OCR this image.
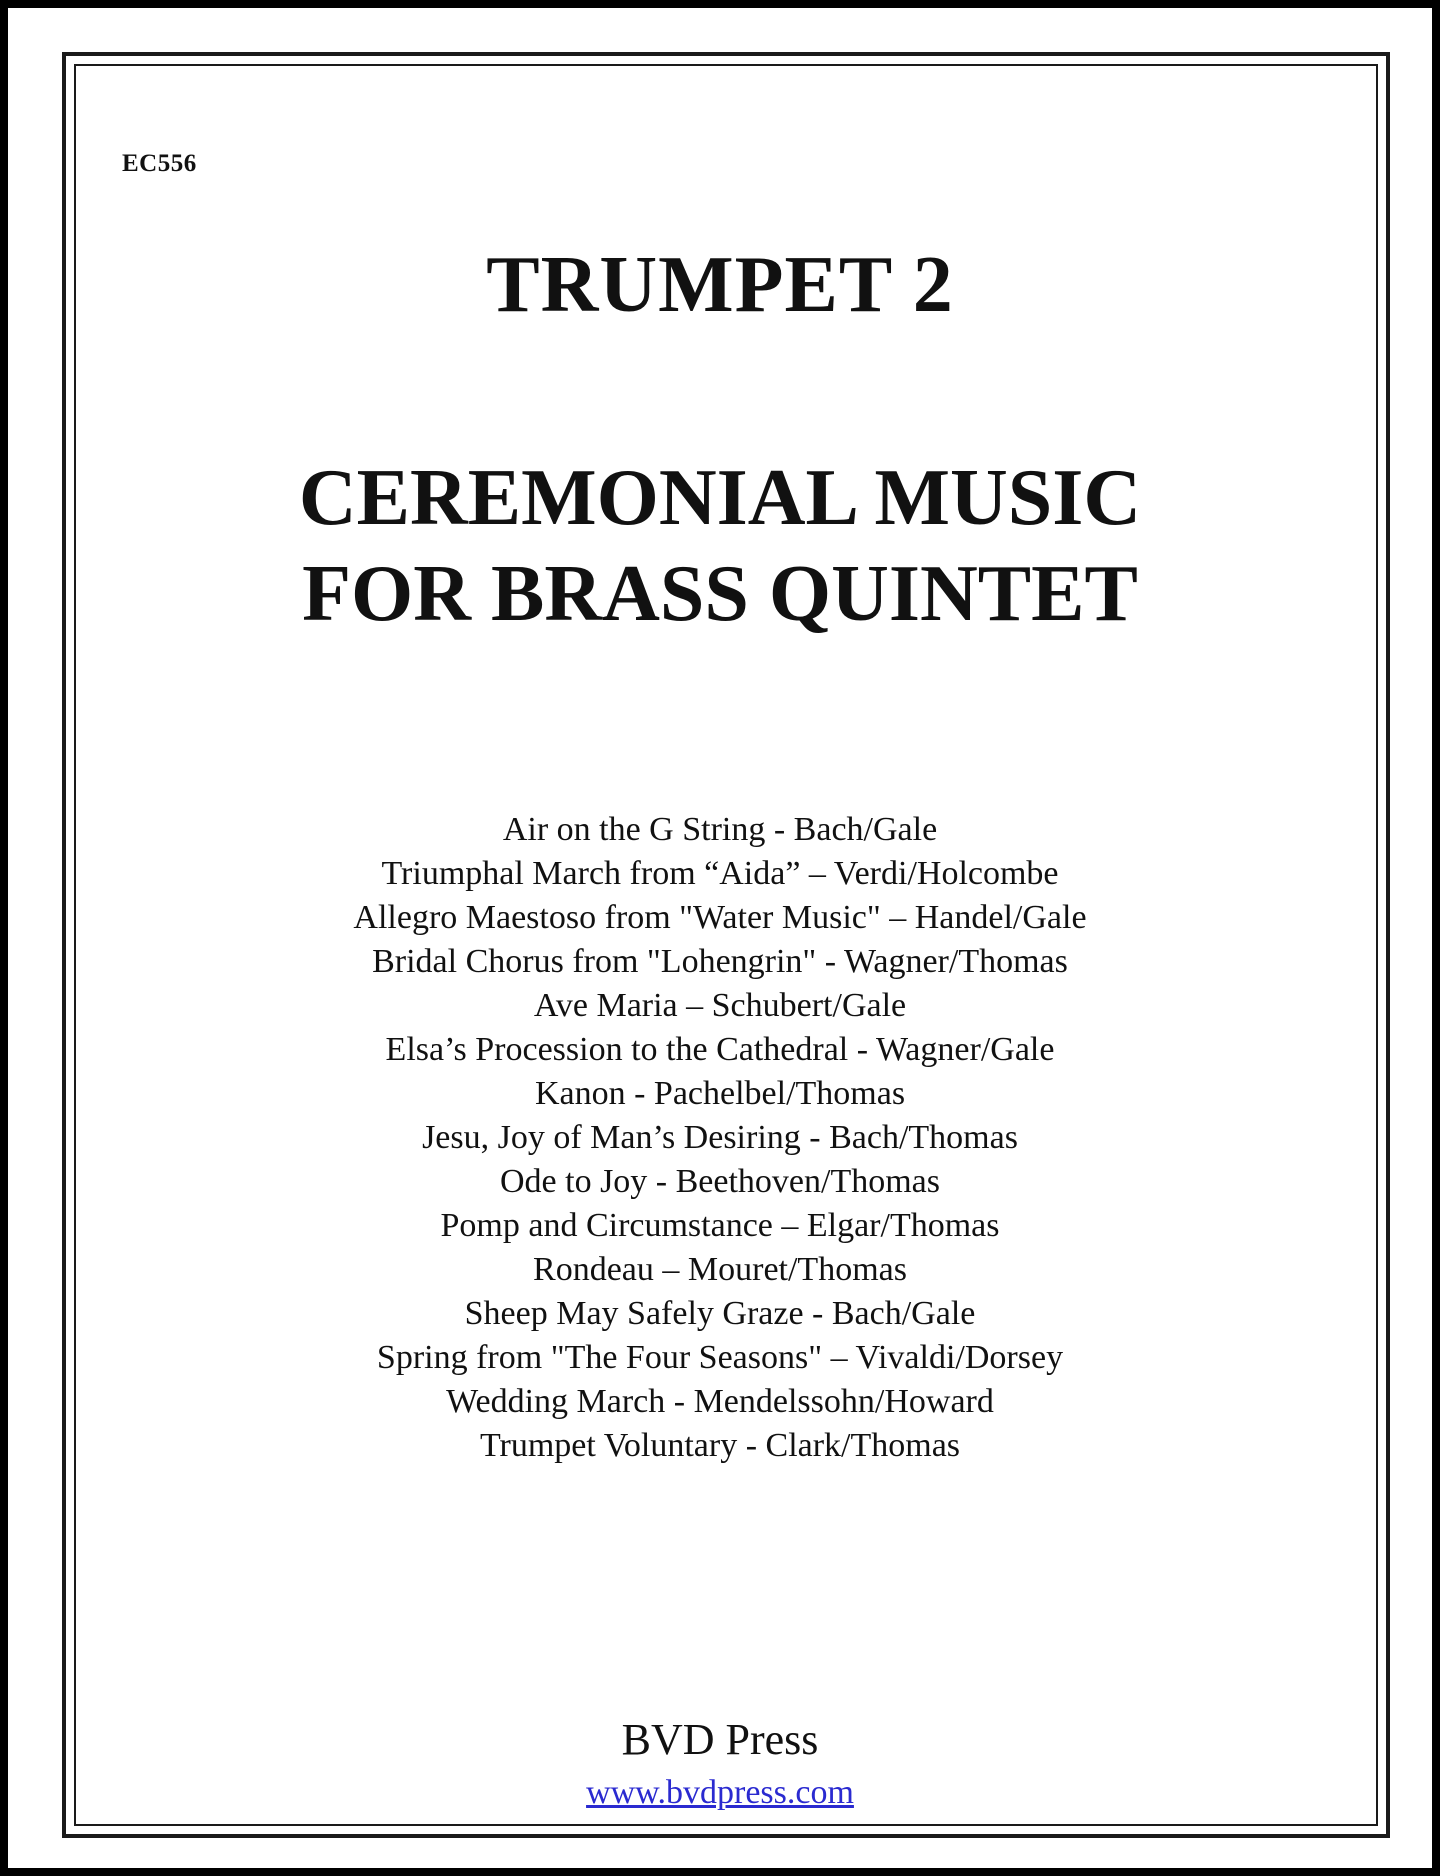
EC556
TRUMPET 2
CEREMONIAL MUSIC
FOR BRASS QUINTET
Air on the G String - Bach/Gale
Triumphal March from “Aida” – Verdi/Holcombe
Allegro Maestoso from "Water Music" – Handel/Gale
Bridal Chorus from "Lohengrin" - Wagner/Thomas
Ave Maria – Schubert/Gale
Elsa’s Procession to the Cathedral - Wagner/Gale
Kanon - Pachelbel/Thomas
Jesu, Joy of Man’s Desiring - Bach/Thomas
Ode to Joy - Beethoven/Thomas
Pomp and Circumstance – Elgar/Thomas
Rondeau – Mouret/Thomas
Sheep May Safely Graze - Bach/Gale
Spring from "The Four Seasons" – Vivaldi/Dorsey
Wedding March - Mendelssohn/Howard
Trumpet Voluntary - Clark/Thomas
BVD Press
www.bvdpress.com
